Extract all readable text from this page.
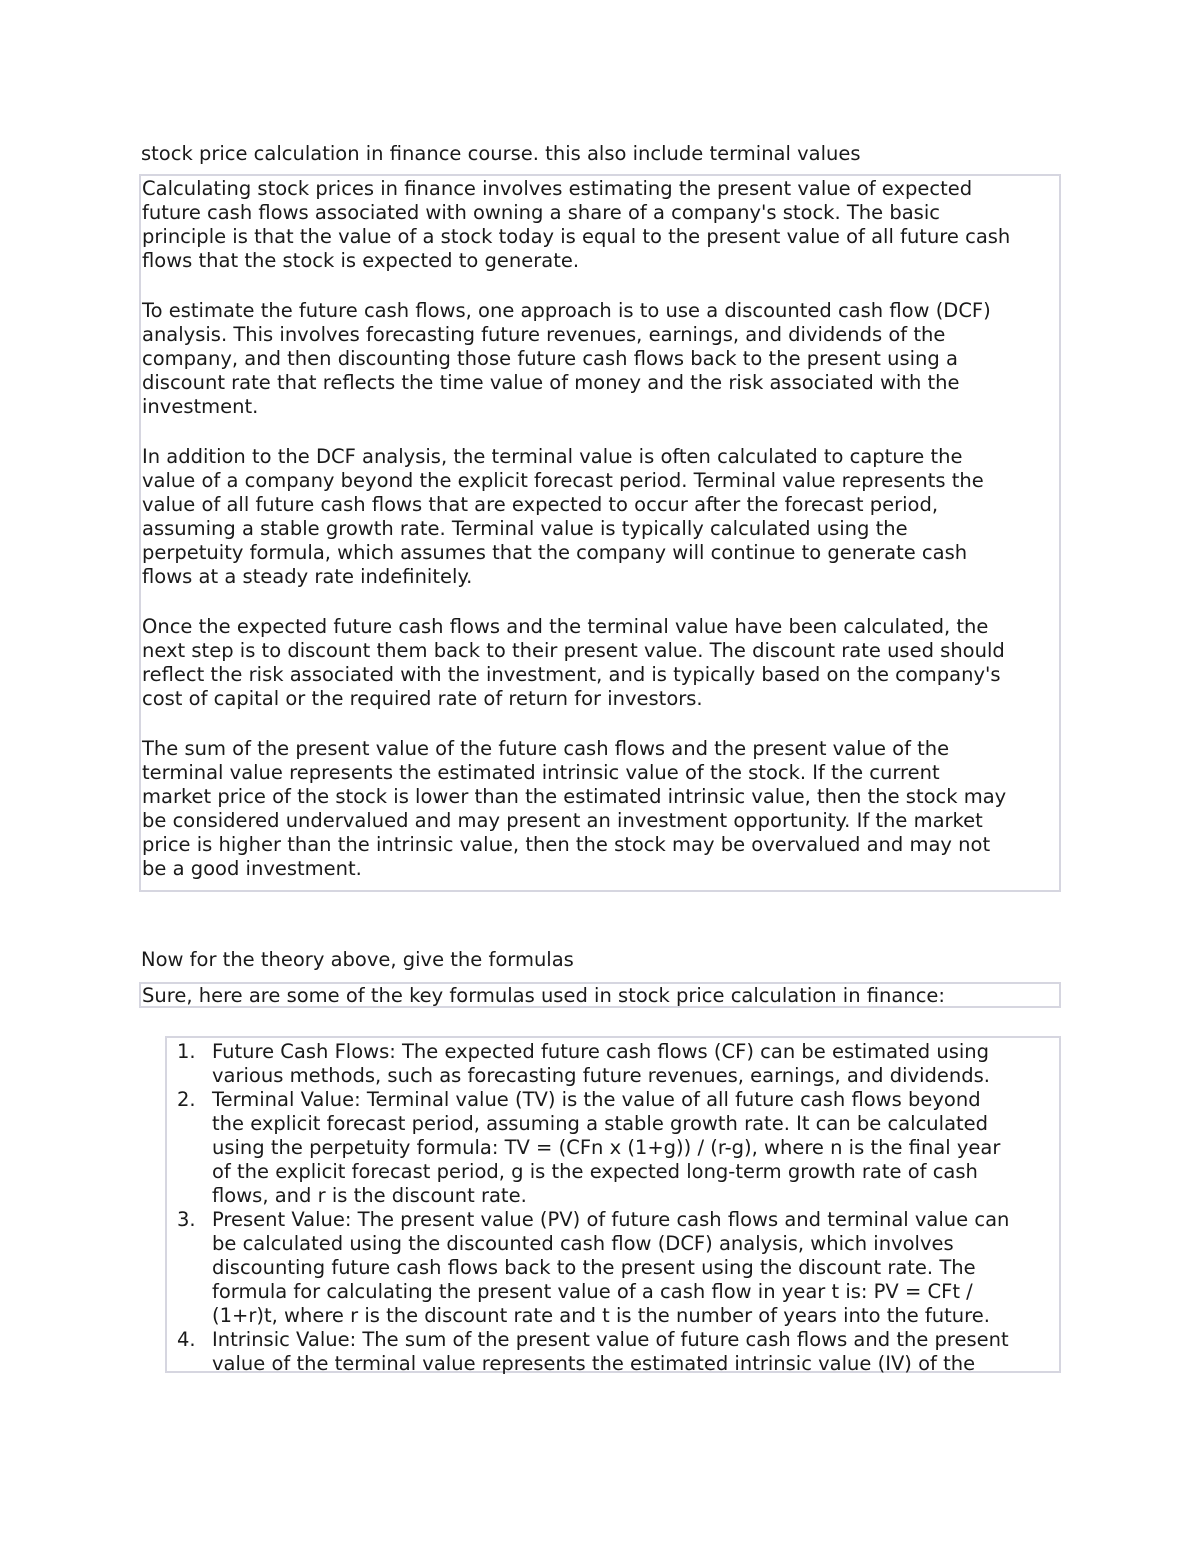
stock price calculation in finance course. this also include terminal values

Calculating stock prices in finance involves estimating the present value of expected
future cash flows associated with owning a share of a company's stock. The basic
principle is that the value of a stock today is equal to the present value of all future cash
flows that the stock is expected to generate.

To estimate the future cash flows, one approach is to use a discounted cash flow (DCF)
analysis. This involves forecasting future revenues, earnings, and dividends of the
company, and then discounting those future cash flows back to the present using a
discount rate that reflects the time value of money and the risk associated with the
investment.

In addition to the DCF analysis, the terminal value is often calculated to capture the
value of a company beyond the explicit forecast period. Terminal value represents the
value of all future cash flows that are expected to occur after the forecast period,
assuming a stable growth rate. Terminal value is typically calculated using the
perpetuity formula, which assumes that the company will continue to generate cash
flows at a steady rate indefinitely.

Once the expected future cash flows and the terminal value have been calculated, the
next step is to discount them back to their present value. The discount rate used should
reflect the risk associated with the investment, and is typically based on the company's
cost of capital or the required rate of return for investors.

The sum of the present value of the future cash flows and the present value of the
terminal value represents the estimated intrinsic value of the stock. If the current
market price of the stock is lower than the estimated intrinsic value, then the stock may
be considered undervalued and may present an investment opportunity. If the market
price is higher than the intrinsic value, then the stock may be overvalued and may not
be a good investment.

Now for the theory above, give the formulas
Sure, here are some of the key formulas used in stock price calculation in finance:
1. Future Cash Flows: The expected future cash flows (CF) can be estimated using
various methods, such as forecasting future revenues, earnings, and dividends.
2. Terminal Value: Terminal value (TV) is the value of all future cash flows beyond
the explicit forecast period, assuming a stable growth rate. It can be calculated
using the perpetuity formula: TV = (CFn x (1+g)) / (r-g), where n is the final year
of the explicit forecast period, g is the expected long-term growth rate of cash
flows, and r is the discount rate.
3. Present Value: The present value (PV) of future cash flows and terminal value can
be calculated using the discounted cash flow (DCF) analysis, which involves
discounting future cash flows back to the present using the discount rate. The
formula for calculating the present value of a cash flow in year t is: PV = CFt /
(1+r)t, where r is the discount rate and t is the number of years into the future.
4. Intrinsic Value: The sum of the present value of future cash flows and the present
value of the terminal value represents the estimated intrinsic value (IV) of the
